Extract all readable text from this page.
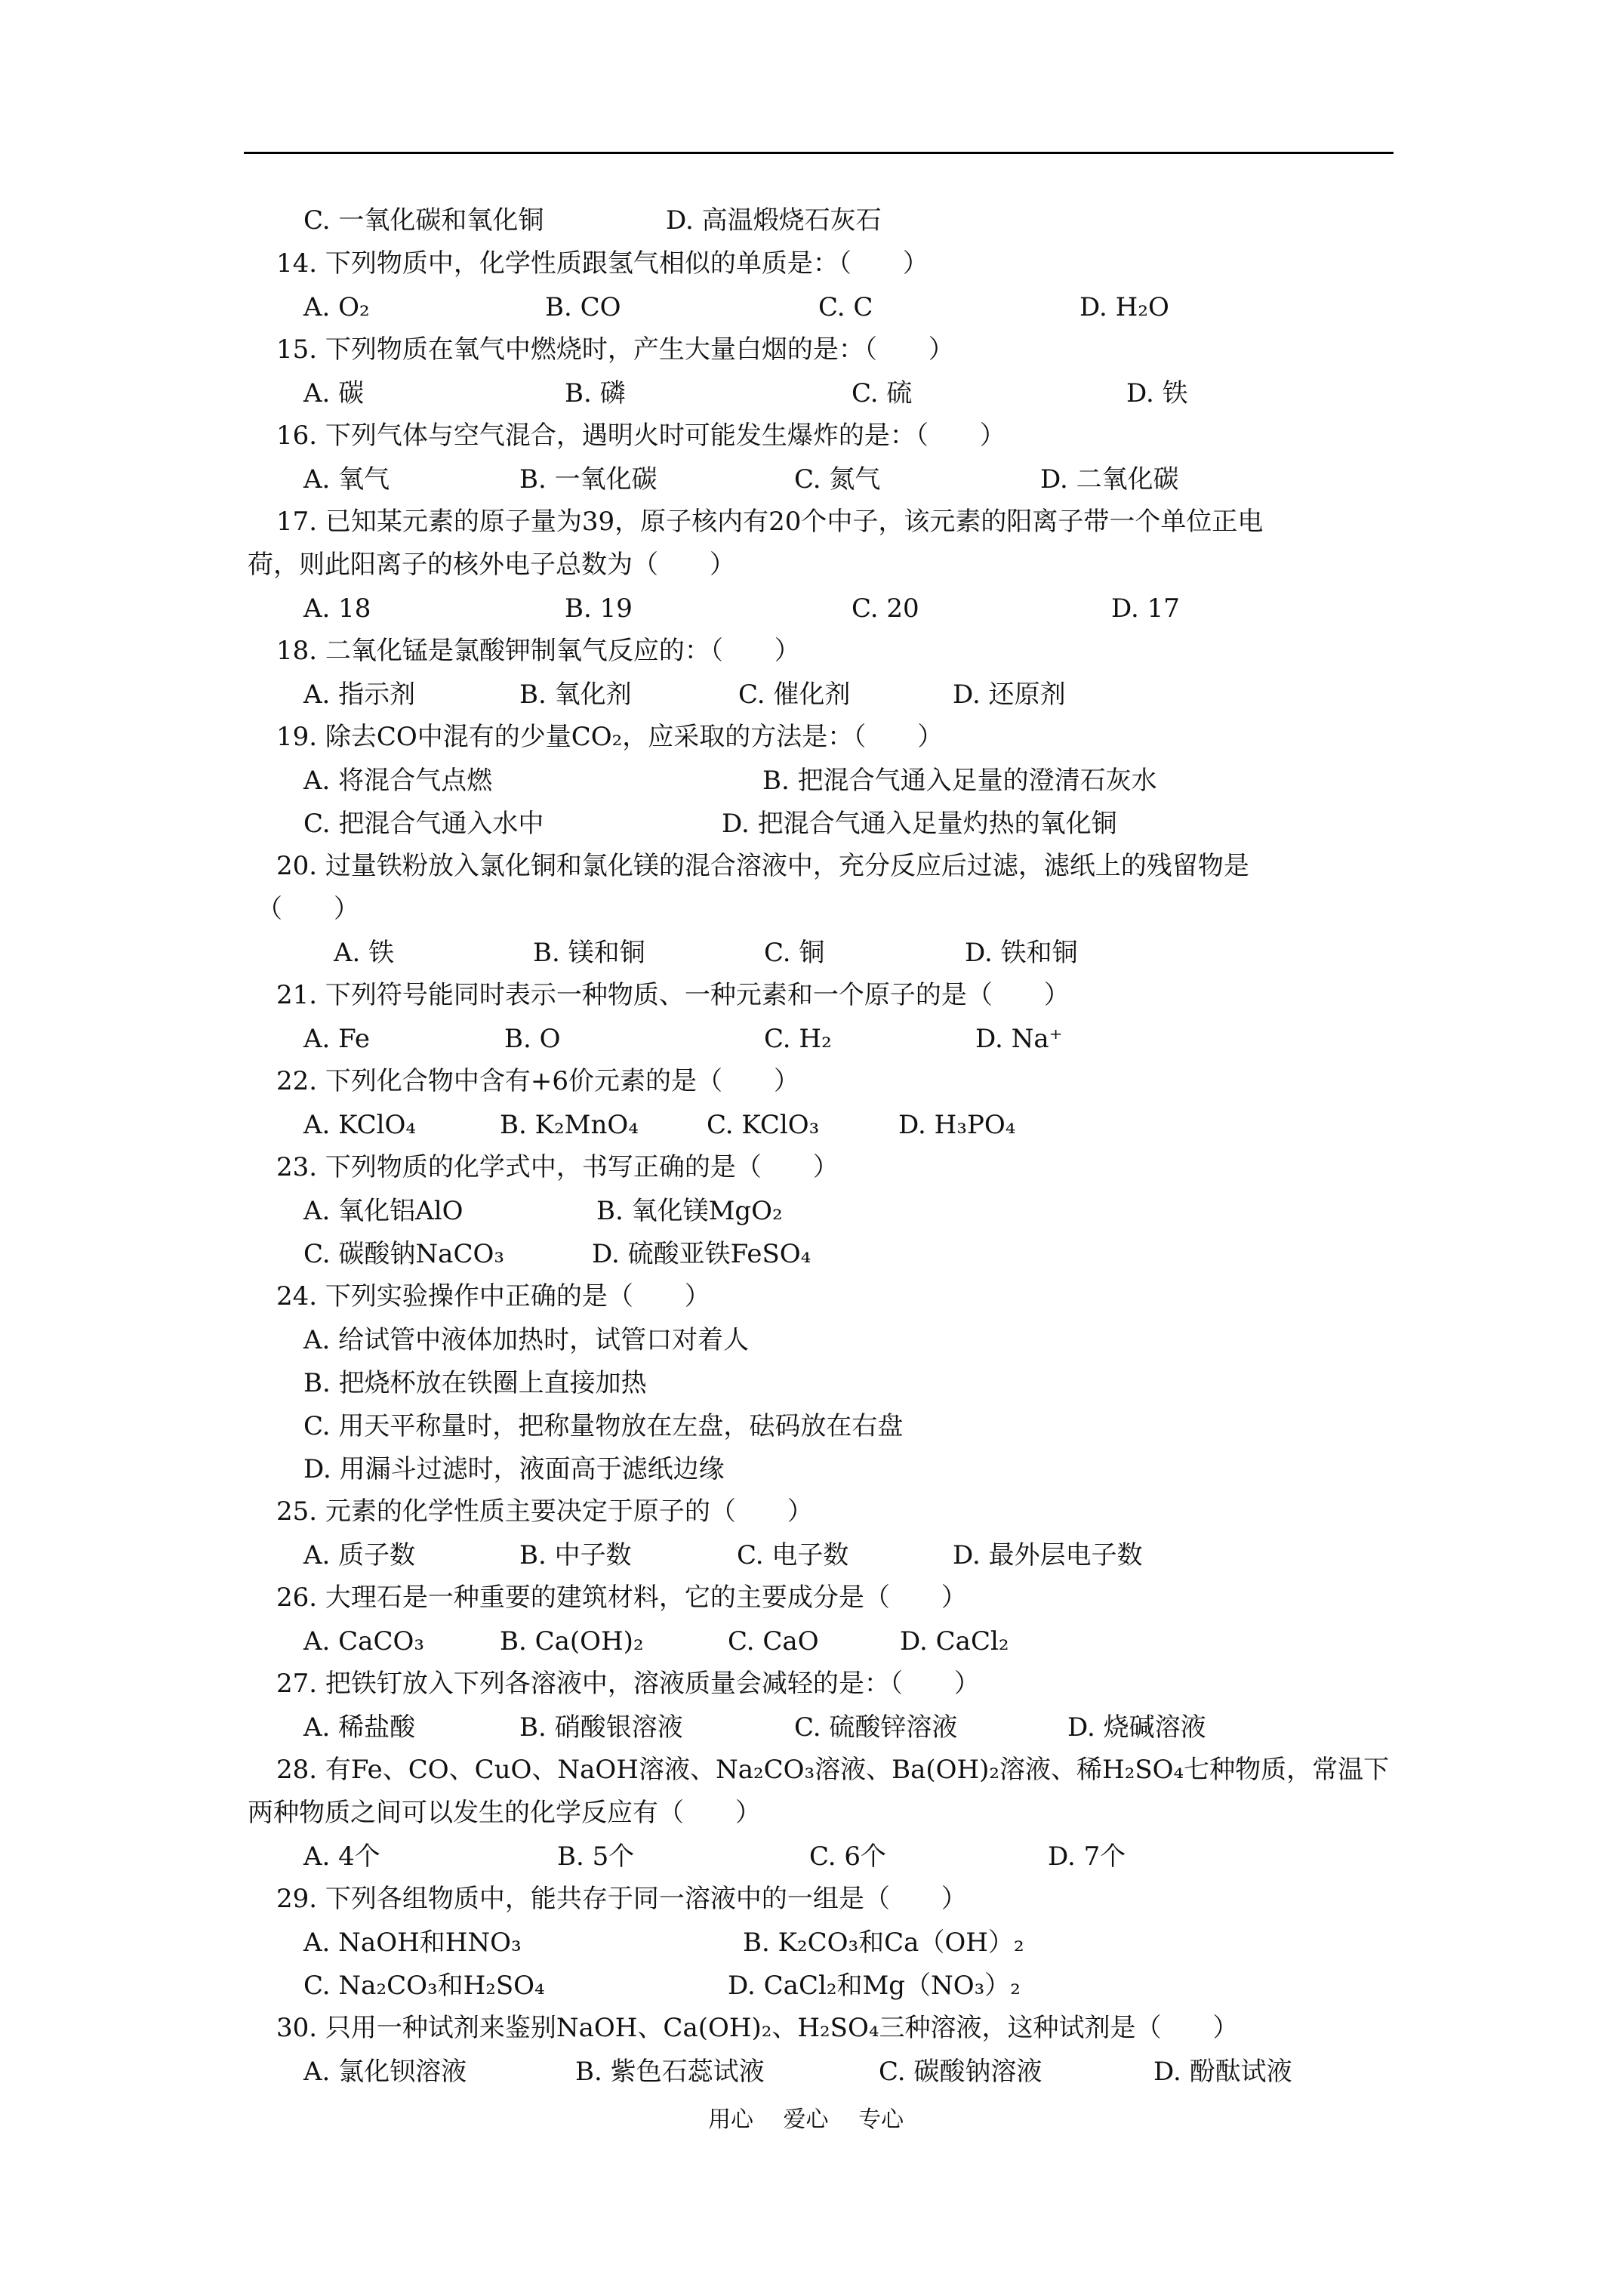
C. 一氧化碳和氧化铜	D. 高温煅烧石灰石
14. 下列物质中，化学性质跟氢气相似的单质是：（　　）
A. O₂	B. CO	C. C	D. H₂O
15. 下列物质在氧气中燃烧时，产生大量白烟的是：（　　）
A. 碳	B. 磷	C. 硫	D. 铁
16. 下列气体与空气混合，遇明火时可能发生爆炸的是：（　　）
A. 氧气	B. 一氧化碳	C. 氮气	D. 二氧化碳
17. 已知某元素的原子量为39，原子核内有20个中子，该元素的阳离子带一个单位正电
荷，则此阳离子的核外电子总数为（　　）
A. 18	B. 19	C. 20	D. 17
18. 二氧化锰是氯酸钾制氧气反应的：（　　）
A. 指示剂	B. 氧化剂	C. 催化剂	D. 还原剂
19. 除去CO中混有的少量CO₂，应采取的方法是：（　　）
A. 将混合气点燃	B. 把混合气通入足量的澄清石灰水
C. 把混合气通入水中	D. 把混合气通入足量灼热的氧化铜
20. 过量铁粉放入氯化铜和氯化镁的混合溶液中，充分反应后过滤，滤纸上的残留物是
（　　）
A. 铁	B. 镁和铜	C. 铜	D. 铁和铜
21. 下列符号能同时表示一种物质、一种元素和一个原子的是（　　）
A. Fe	B. O	C. H₂	D. Na⁺
22. 下列化合物中含有+6价元素的是（　　）
A. KClO₄	B. K₂MnO₄	C. KClO₃	D. H₃PO₄
23. 下列物质的化学式中，书写正确的是（　　）
A. 氧化铝AlO	B. 氧化镁MgO₂
C. 碳酸钠NaCO₃	D. 硫酸亚铁FeSO₄
24. 下列实验操作中正确的是（　　）
A. 给试管中液体加热时，试管口对着人
B. 把烧杯放在铁圈上直接加热
C. 用天平称量时，把称量物放在左盘，砝码放在右盘
D. 用漏斗过滤时，液面高于滤纸边缘
25. 元素的化学性质主要决定于原子的（　　）
A. 质子数	B. 中子数	C. 电子数	D. 最外层电子数
26. 大理石是一种重要的建筑材料，它的主要成分是（　　）
A. CaCO₃	B. Ca(OH)₂	C. CaO	D. CaCl₂
27. 把铁钉放入下列各溶液中，溶液质量会减轻的是：（　　）
A. 稀盐酸	B. 硝酸银溶液	C. 硫酸锌溶液	D. 烧碱溶液
28. 有Fe、CO、CuO、NaOH溶液、Na₂CO₃溶液、Ba(OH)₂溶液、稀H₂SO₄七种物质，常温下
两种物质之间可以发生的化学反应有（　　）
A. 4个	B. 5个	C. 6个	D. 7个
29. 下列各组物质中，能共存于同一溶液中的一组是（　　）
A. NaOH和HNO₃	B. K₂CO₃和Ca（OH）₂
C. Na₂CO₃和H₂SO₄	D. CaCl₂和Mg（NO₃）₂
30. 只用一种试剂来鉴别NaOH、Ca(OH)₂、H₂SO₄三种溶液，这种试剂是（　　）
A. 氯化钡溶液	B. 紫色石蕊试液	C. 碳酸钠溶液	D. 酚酞试液
用心　 爱心　 专心
